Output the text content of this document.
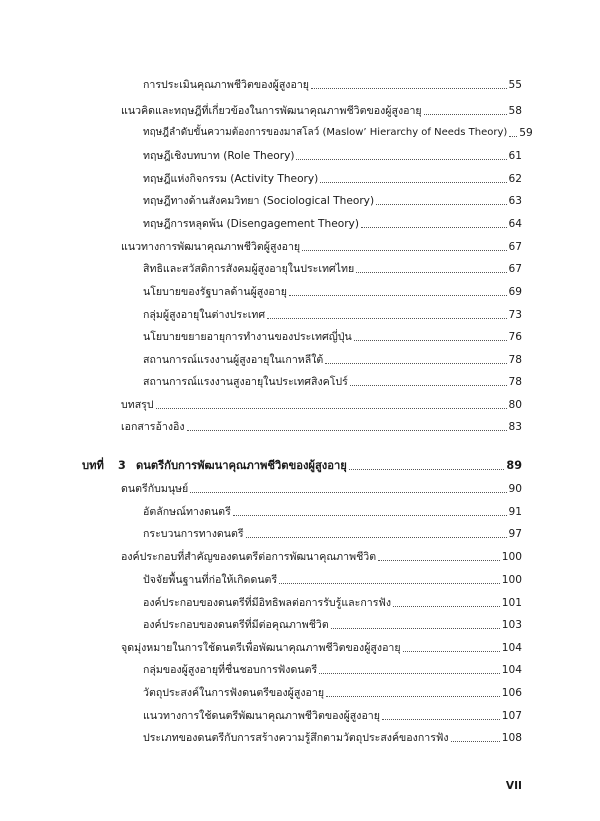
การประเมินคุณภาพชีวิตของผู้สูงอายุ	55
แนวคิดและทฤษฎีที่เกี่ยวข้องในการพัฒนาคุณภาพชีวิตของผู้สูงอายุ	58
ทฤษฎีลำดับขั้นความต้องการของมาสโลว์ (Maslow’ Hierarchy of Needs Theory) 59
ทฤษฎีเชิงบทบาท (Role Theory)	61
ทฤษฎีแห่งกิจกรรม (Activity Theory)	62
ทฤษฎีทางด้านสังคมวิทยา (Sociological Theory)	63
ทฤษฎีการหลุดพ้น (Disengagement Theory)	64
แนวทางการพัฒนาคุณภาพชีวิตผู้สูงอายุ	67
สิทธิและสวัสดิการสังคมผู้สูงอายุในประเทศไทย	67
นโยบายของรัฐบาลด้านผู้สูงอายุ	69
กลุ่มผู้สูงอายุในต่างประเทศ	73
นโยบายขยายอายุการทำงานของประเทศญี่ปุ่น	76
สถานการณ์แรงงานผู้สูงอายุในเกาหลีใต้	78
สถานการณ์แรงงานสูงอายุในประเทศสิงคโปร์	78
บทสรุป	80
เอกสารอ้างอิง	83
บทที่ 3 ดนตรีกับการพัฒนาคุณภาพชีวิตของผู้สูงอายุ	89
ดนตรีกับมนุษย์	90
อัตลักษณ์ทางดนตรี	91
กระบวนการทางดนตรี	97
องค์ประกอบที่สำคัญของดนตรีต่อการพัฒนาคุณภาพชีวิต	100
ปัจจัยพื้นฐานที่ก่อให้เกิดดนตรี	100
องค์ประกอบของดนตรีที่มีอิทธิพลต่อการรับรู้และการฟัง	101
องค์ประกอบของดนตรีที่มีต่อคุณภาพชีวิต	103
จุดมุ่งหมายในการใช้ดนตรีเพื่อพัฒนาคุณภาพชีวิตของผู้สูงอายุ	104
กลุ่มของผู้สูงอายุที่ชื่นชอบการฟังดนตรี	104
วัตถุประสงค์ในการฟังดนตรีของผู้สูงอายุ	106
แนวทางการใช้ดนตรีพัฒนาคุณภาพชีวิตของผู้สูงอายุ	107
ประเภทของดนตรีกับการสร้างความรู้สึกตามวัตถุประสงค์ของการฟัง	108
VII
